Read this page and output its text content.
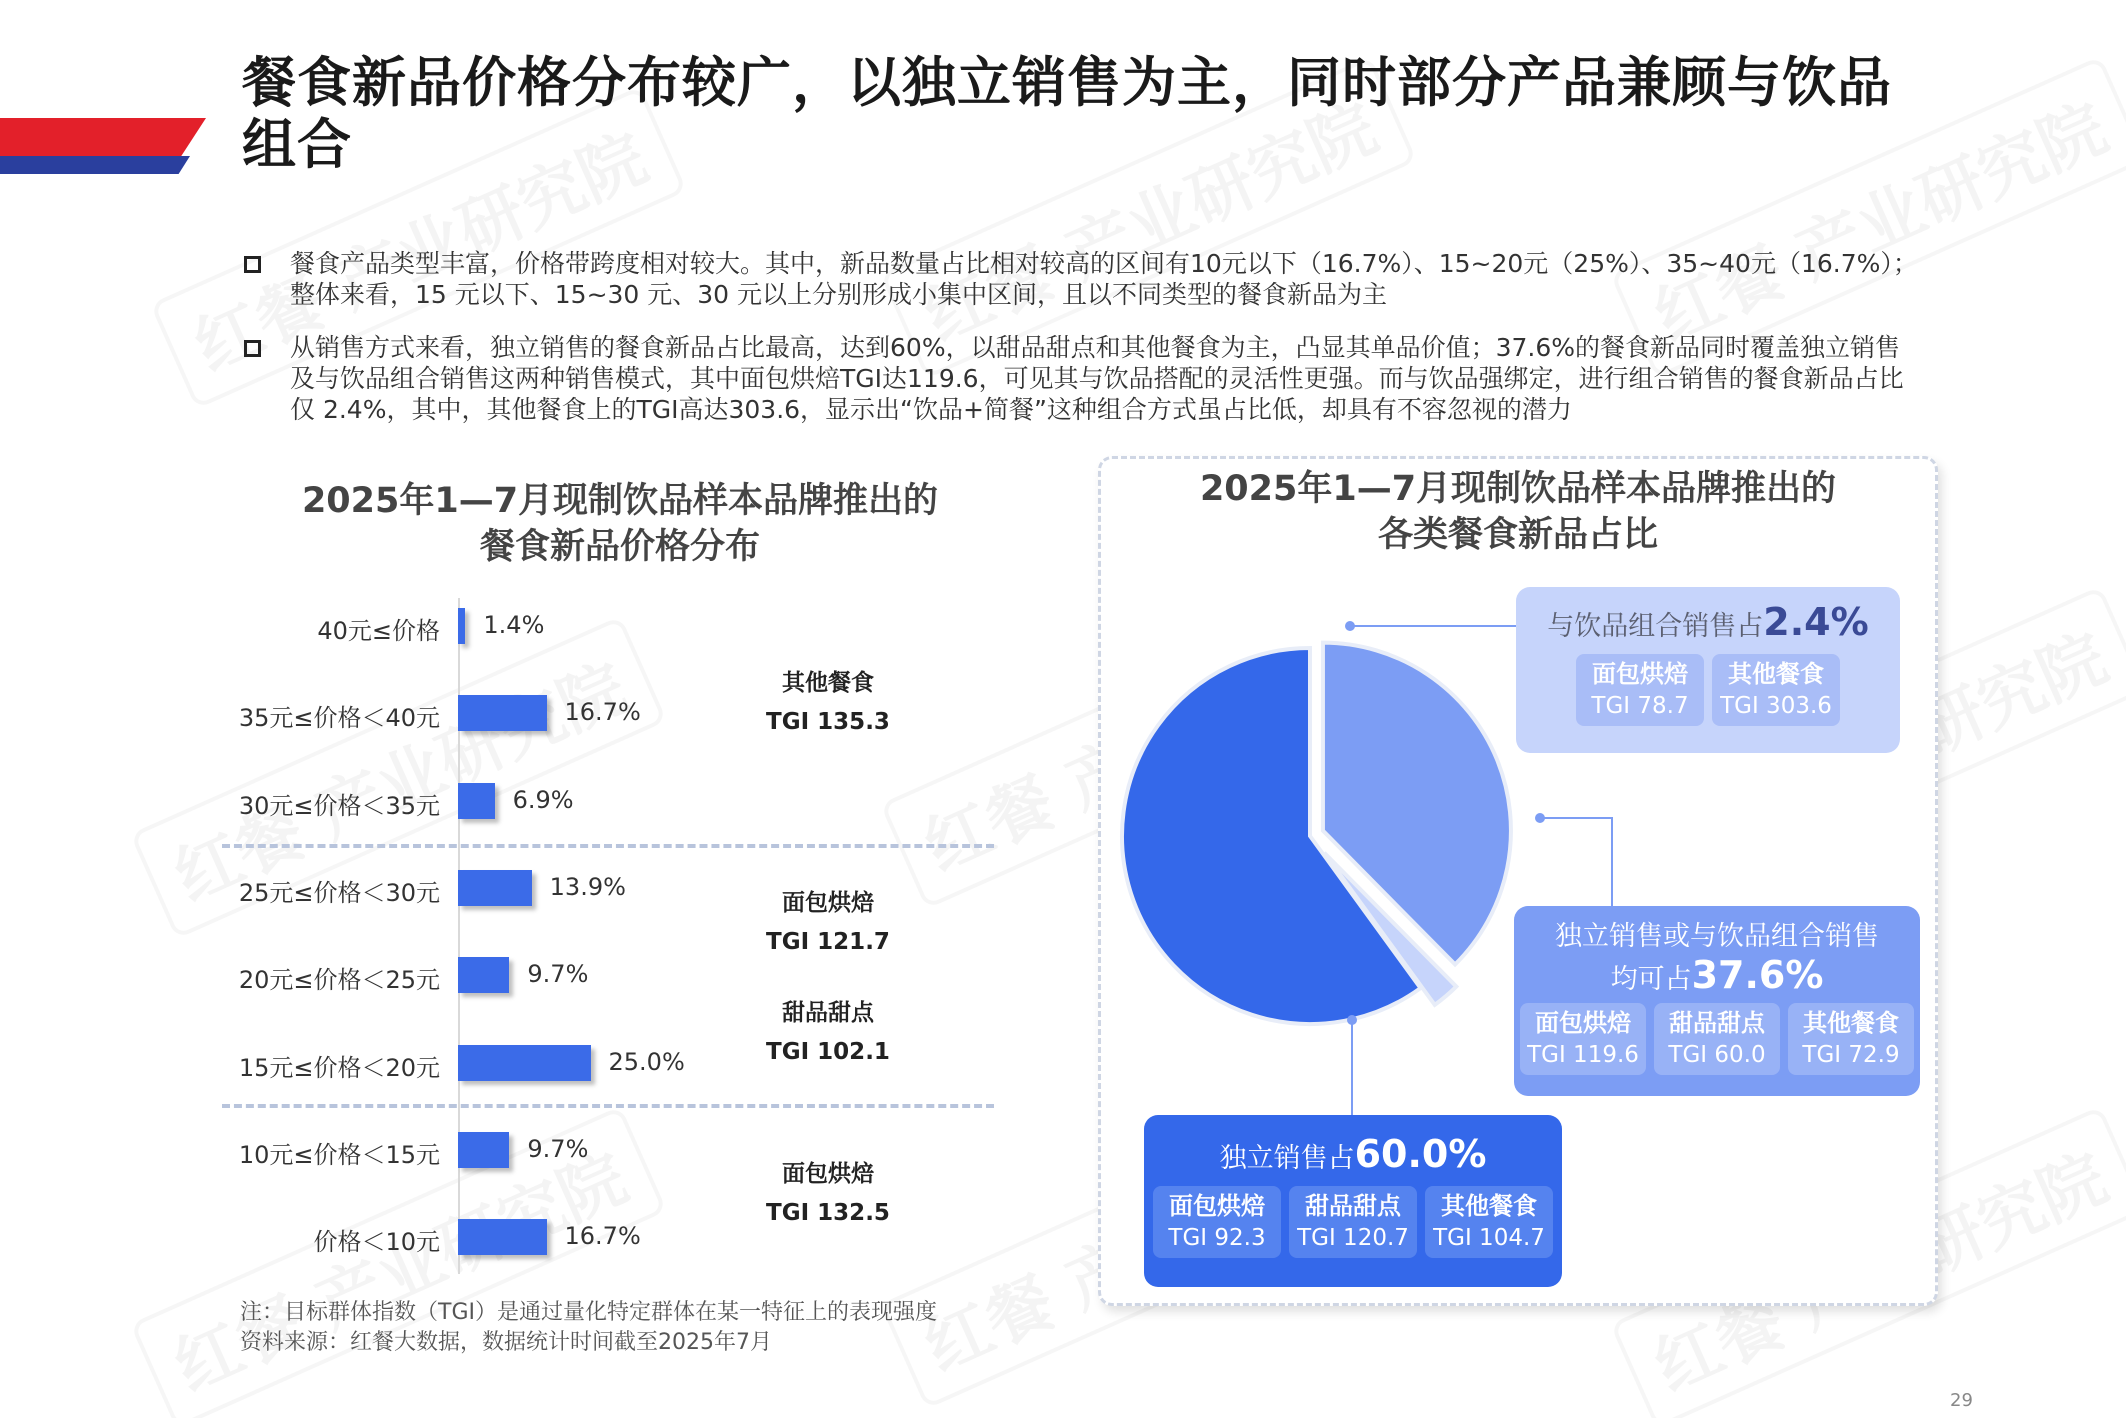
餐食新品价格分布较广，以独立销售为主，同时部分产品兼顾与饮品组合
餐食产品类型丰富，价格带跨度相对较大。其中，新品数量占比相对较高的区间有10元以下（16.7%）、15~20元（25%）、35~40元（16.7%）；整体来看，15 元以下、15~30 元、30 元以上分别形成小集中区间，且以不同类型的餐食新品为主
从销售方式来看，独立销售的餐食新品占比最高，达到60%，以甜品甜点和其他餐食为主，凸显其单品价值；37.6%的餐食新品同时覆盖独立销售及与饮品组合销售这两种销售模式，其中面包烘焙TGI达119.6，可见其与饮品搭配的灵活性更强。而与饮品强绑定，进行组合销售的餐食新品占比仅 2.4%，其中，其他餐食上的TGI高达303.6，显示出“饮品+简餐”这种组合方式虽占比低，却具有不容忽视的潜力
2025年1—7月现制饮品样本品牌推出的
餐食新品价格分布
40元≤价格 1.4%
35元≤价格＜40元	16.7%
30元≤价格＜35元	6.9%
25元≤价格＜30元	13.9%
20元≤价格＜25元	9.7%
15元≤价格＜20元	25.0%
10元≤价格＜15元	9.7%
价格＜10元	16.7%
其他餐食
TGI 135.3
面包烘焙
TGI 121.7
甜品甜点
TGI 102.1
面包烘焙
TGI 132.5
注：目标群体指数（TGI）是通过量化特定群体在某一特征上的表现强度
资料来源：红餐大数据，数据统计时间截至2025年7月
29
2025年1—7月现制饮品样本品牌推出的
各类餐食新品占比
与饮品组合销售占2.4%
面包烘焙
TGI 78.7
其他餐食
TGI 303.6
独立销售或与饮品组合销售
均可占37.6%
面包烘焙
TGI 119.6
甜品甜点
TGI 60.0
其他餐食
TGI 72.9
独立销售占60.0%
面包烘焙
TGI 92.3
甜品甜点
TGI 120.7
其他餐食
TGI 104.7
